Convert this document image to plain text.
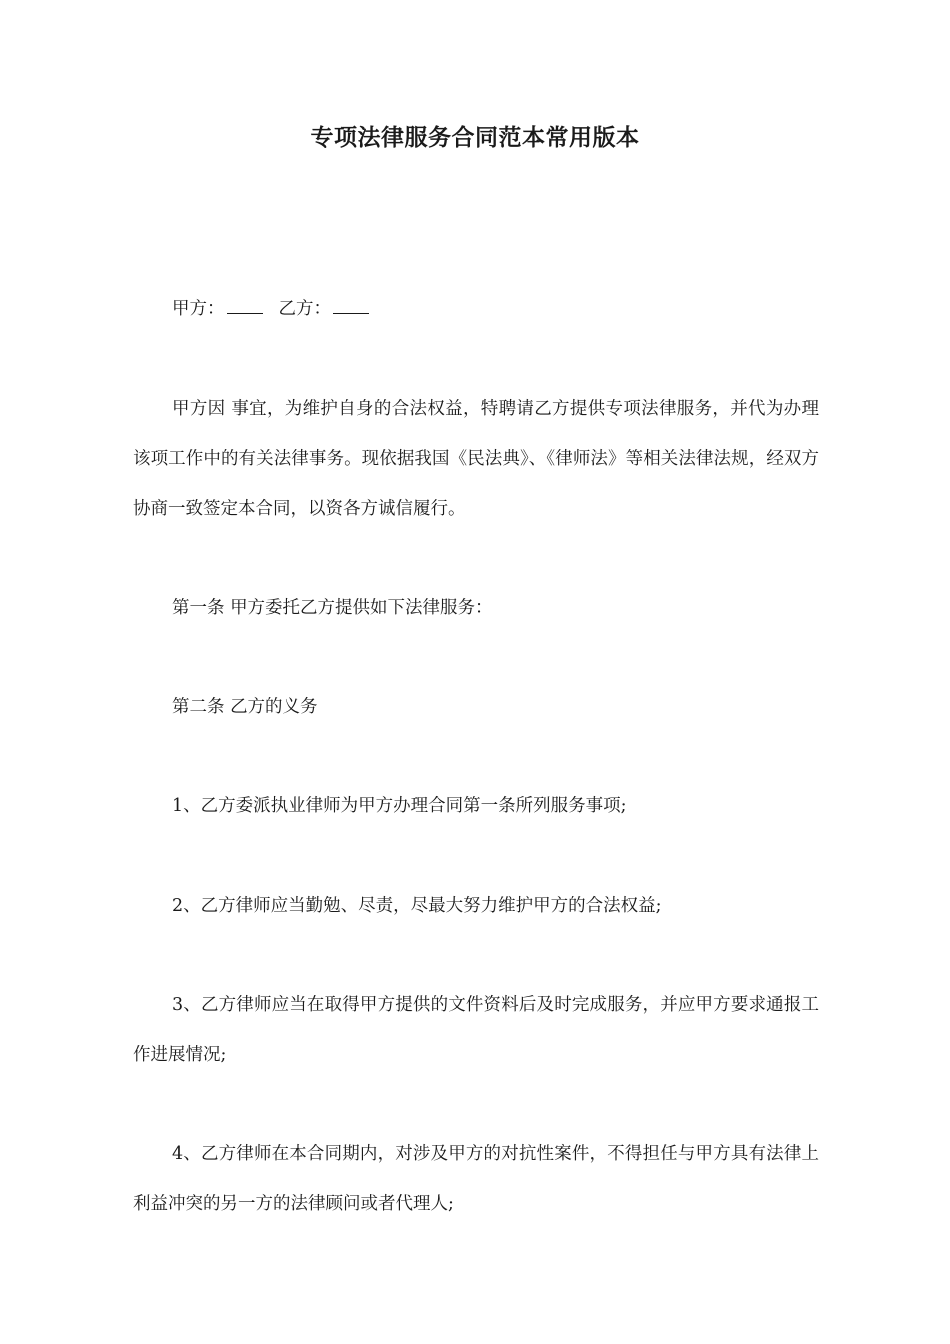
专项法律服务合同范本常用版本

甲方：	乙方：

甲方因 事宜，为维护自身的合法权益，特聘请乙方提供专项法律服务，并代为办理该项工作中的有关法律事务。现依据我国《民法典》、《律师法》等相关法律法规，经双方协商一致签定本合同，以资各方诚信履行。

第一条 甲方委托乙方提供如下法律服务：

第二条 乙方的义务

1、乙方委派执业律师为甲方办理合同第一条所列服务事项;

2、乙方律师应当勤勉、尽责，尽最大努力维护甲方的合法权益;

3、乙方律师应当在取得甲方提供的文件资料后及时完成服务，并应甲方要求通报工作进展情况;

4、乙方律师在本合同期内，对涉及甲方的对抗性案件，不得担任与甲方具有法律上利益冲突的另一方的法律顾问或者代理人;
